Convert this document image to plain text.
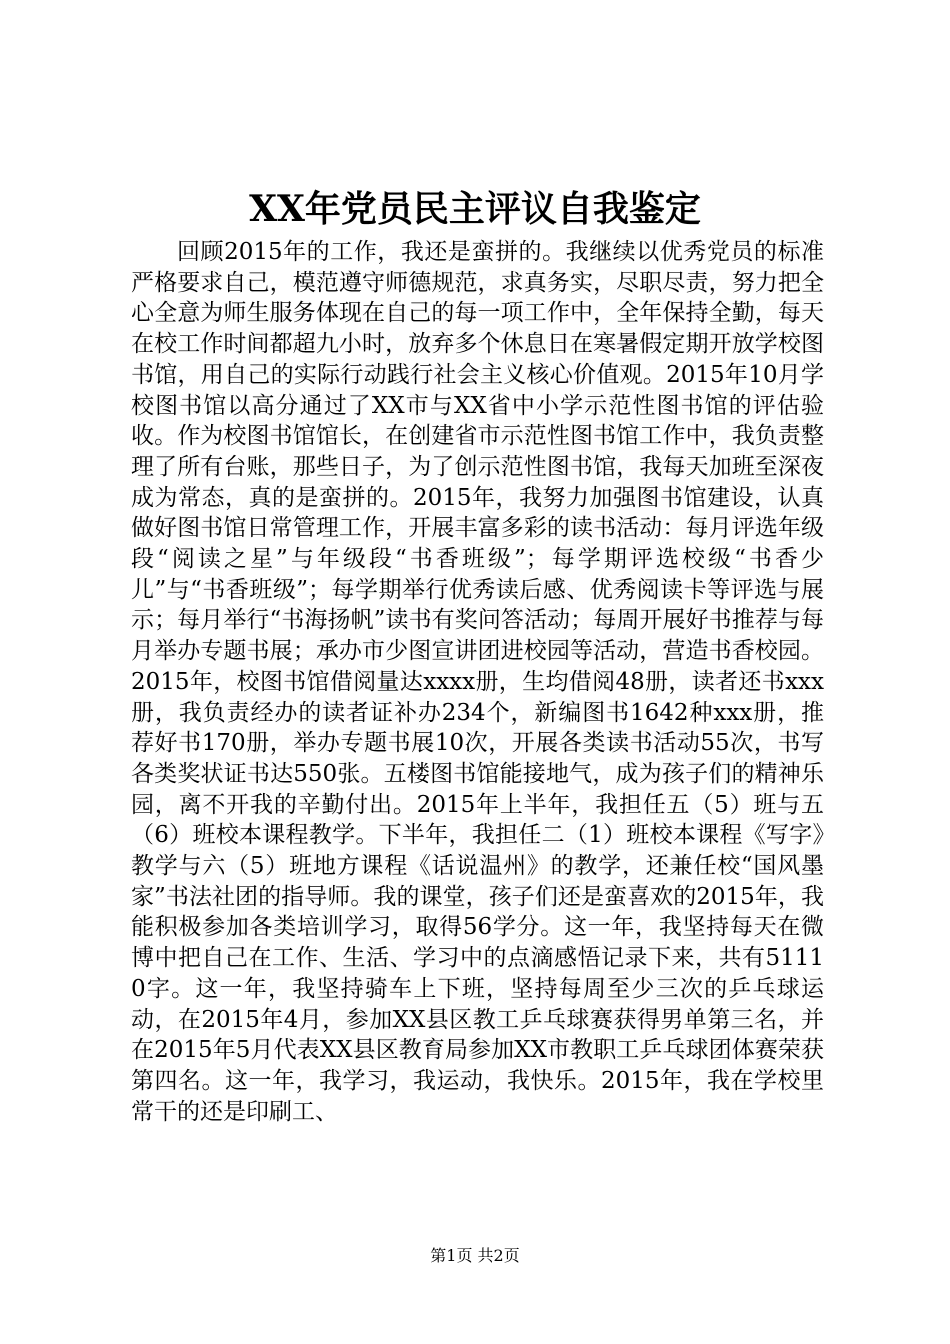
XX年党员民主评议自我鉴定

回顾2015年的工作，我还是蛮拼的。我继续以优秀党员的标准严格要求自己，模范遵守师德规范，求真务实，尽职尽责，努力把全心全意为师生服务体现在自己的每一项工作中，全年保持全勤，每天在校工作时间都超九小时，放弃多个休息日在寒暑假定期开放学校图书馆，用自己的实际行动践行社会主义核心价值观。2015年10月学校图书馆以高分通过了XX市与XX省中小学示范性图书馆的评估验收。作为校图书馆馆长，在创建省市示范性图书馆工作中，我负责整理了所有台账，那些日子，为了创示范性图书馆，我每天加班至深夜成为常态，真的是蛮拼的。2015年，我努力加强图书馆建设，认真做好图书馆日常管理工作，开展丰富多彩的读书活动：每月评选年级段“阅读之星”与年级段“书香班级”；每学期评选校级“书香少儿”与“书香班级”；每学期举行优秀读后感、优秀阅读卡等评选与展示；每月举行“书海扬帆”读书有奖问答活动；每周开展好书推荐与每月举办专题书展；承办市少图宣讲团进校园等活动，营造书香校园。2015年，校图书馆借阅量达xxxx册，生均借阅48册，读者还书xxx册，我负责经办的读者证补办234个，新编图书1642种xxx册，推荐好书170册，举办专题书展10次，开展各类读书活动55次，书写各类奖状证书达550张。五楼图书馆能接地气，成为孩子们的精神乐园，离不开我的辛勤付出。2015年上半年，我担任五（5）班与五（6）班校本课程教学。下半年，我担任二（1）班校本课程《写字》教学与六（5）班地方课程《话说温州》的教学，还兼任校“国风墨家”书法社团的指导师。我的课堂，孩子们还是蛮喜欢的2015年，我能积极参加各类培训学习，取得56学分。这一年，我坚持每天在微博中把自己在工作、生活、学习中的点滴感悟记录下来，共有51110字。这一年，我坚持骑车上下班，坚持每周至少三次的乒乓球运动，在2015年4月，参加XX县区教工乒乓球赛获得男单第三名，并在2015年5月代表XX县区教育局参加XX市教职工乒乓球团体赛荣获第四名。这一年，我学习，我运动，我快乐。2015年，我在学校里常干的还是印刷工、

第1页 共2页
